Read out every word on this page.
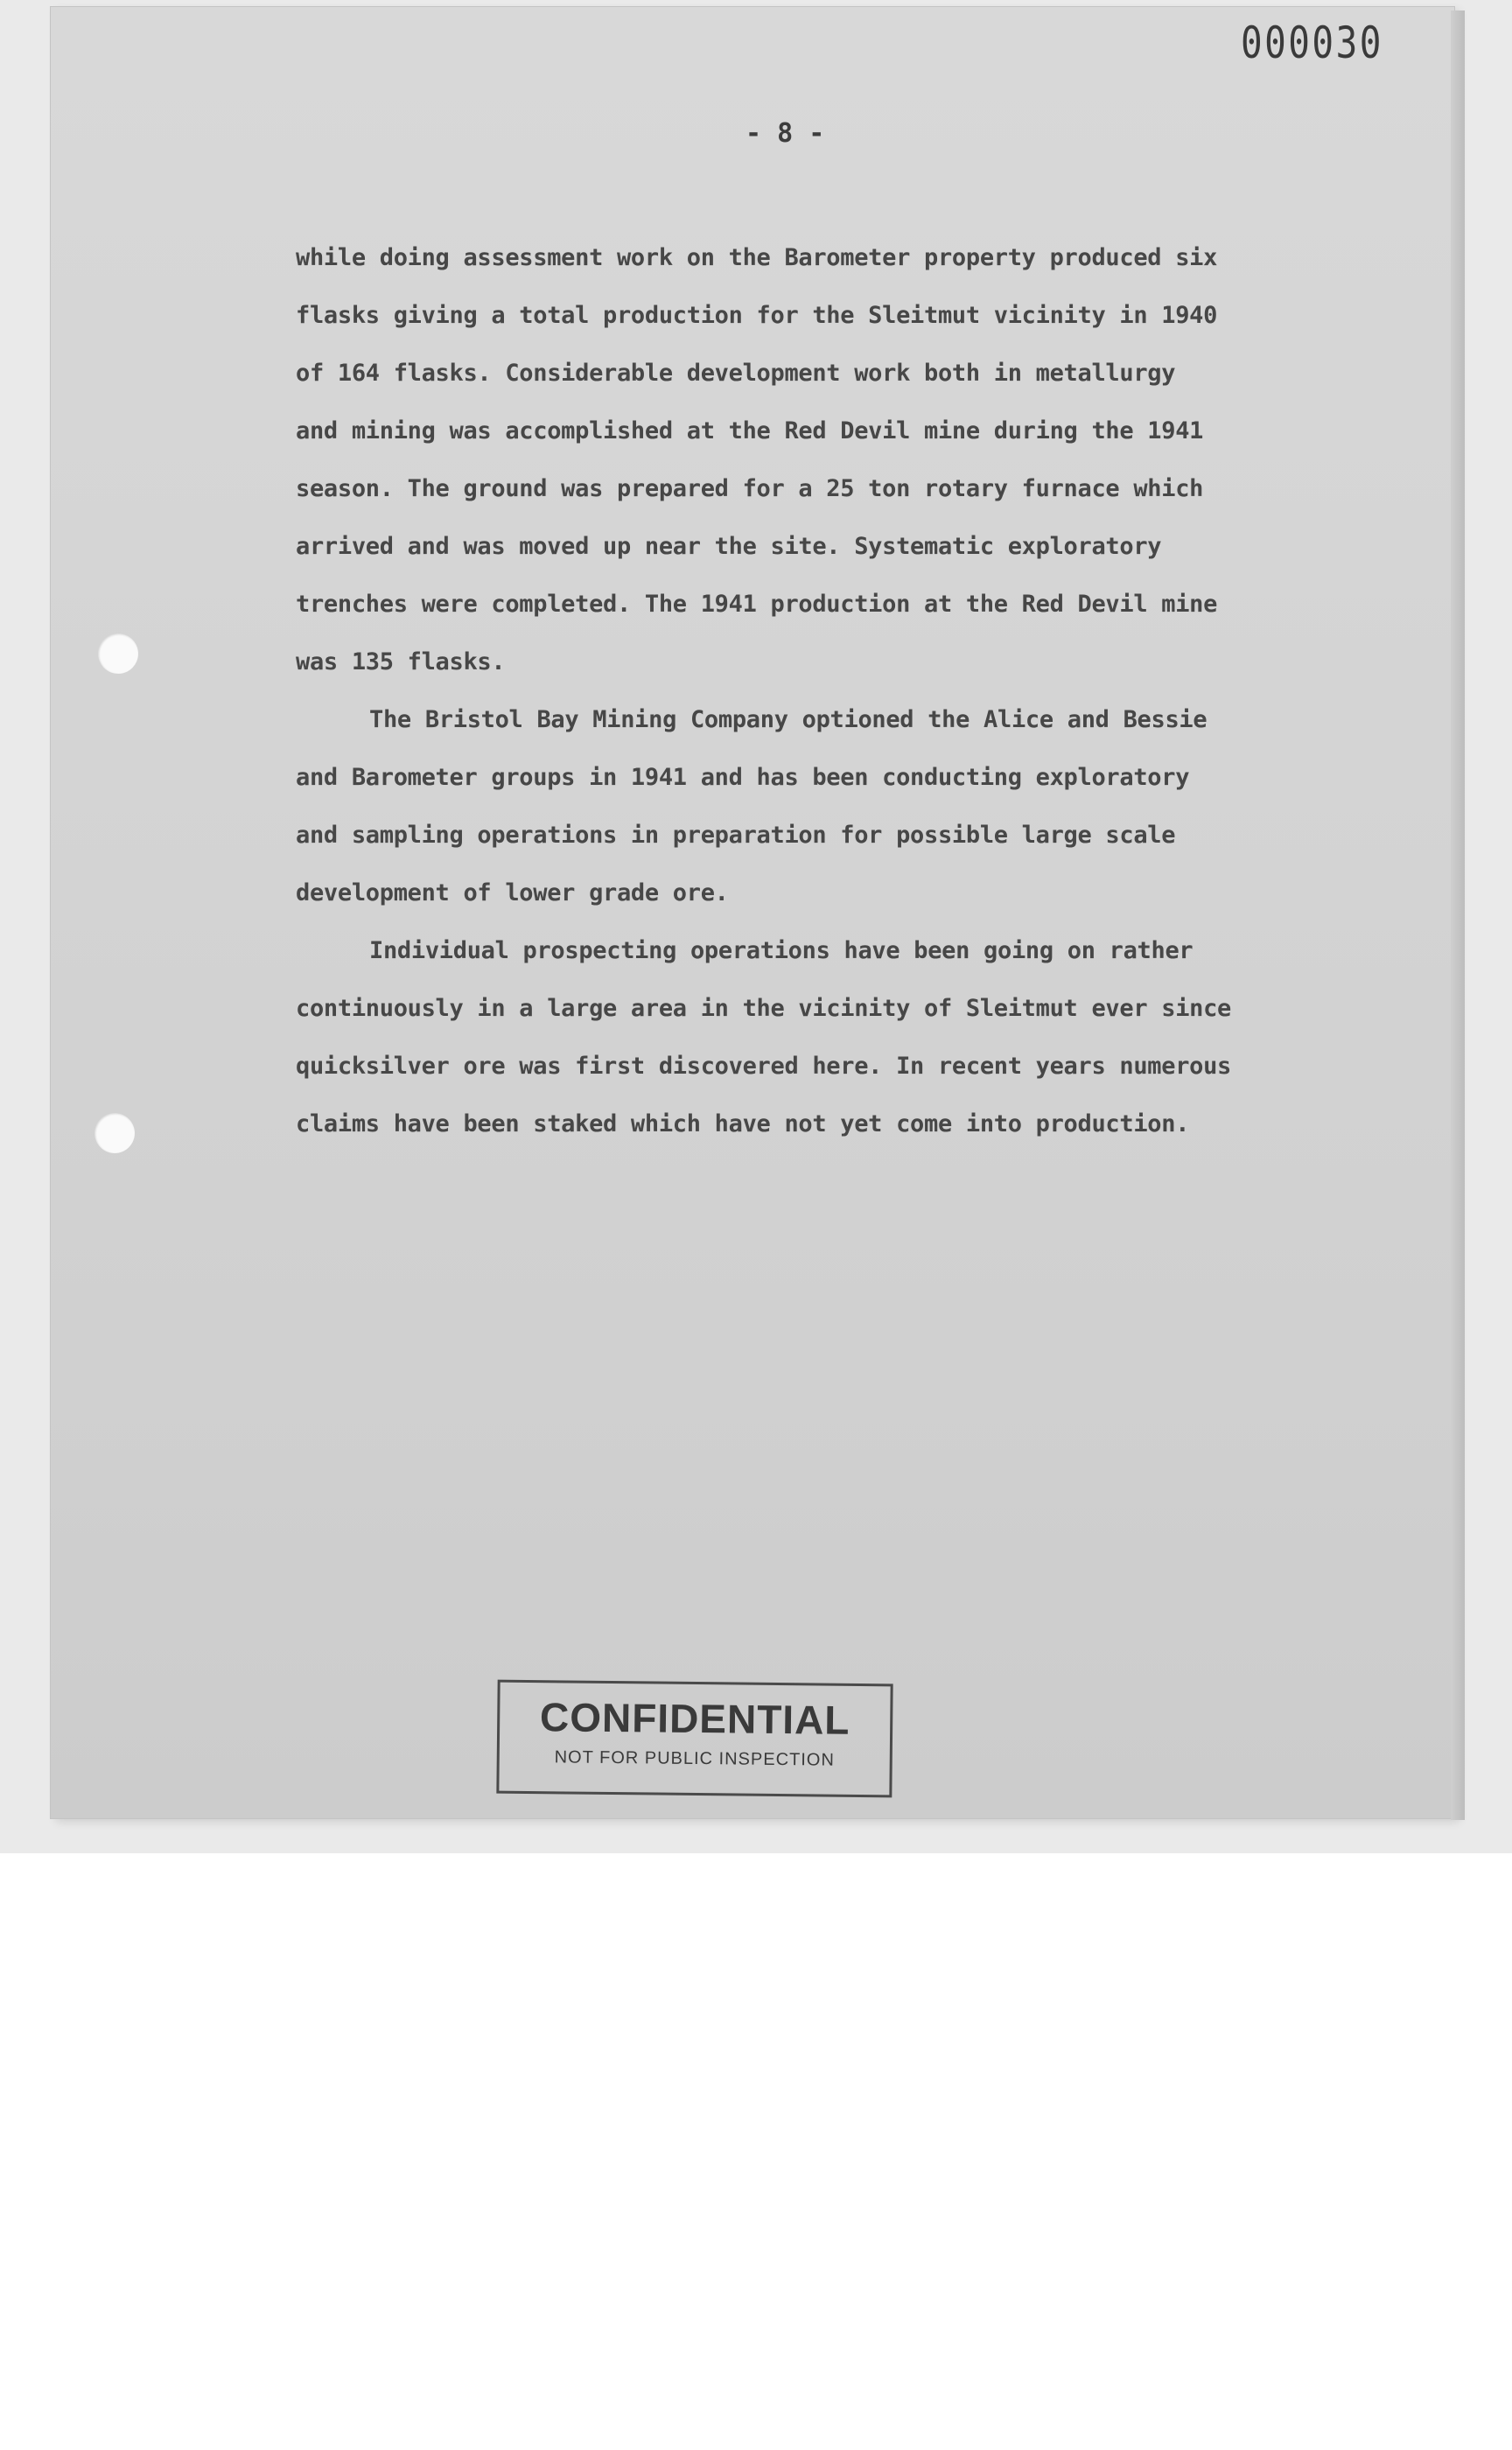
000030
- 8 -
while doing assessment work on the Barometer property produced six
flasks giving a total production for the Sleitmut vicinity in 1940
of 164 flasks. Considerable development work both in metallurgy
and mining was accomplished at the Red Devil mine during the 1941
season. The ground was prepared for a 25 ton rotary furnace which
arrived and was moved up near the site. Systematic exploratory
trenches were completed. The 1941 production at the Red Devil mine
was 135 flasks.
The Bristol Bay Mining Company optioned the Alice and Bessie
and Barometer groups in 1941 and has been conducting exploratory
and sampling operations in preparation for possible large scale
development of lower grade ore.
Individual prospecting operations have been going on rather
continuously in a large area in the vicinity of Sleitmut ever since
quicksilver ore was first discovered here. In recent years numerous
claims have been staked which have not yet come into production.
CONFIDENTIAL
NOT FOR PUBLIC INSPECTION
